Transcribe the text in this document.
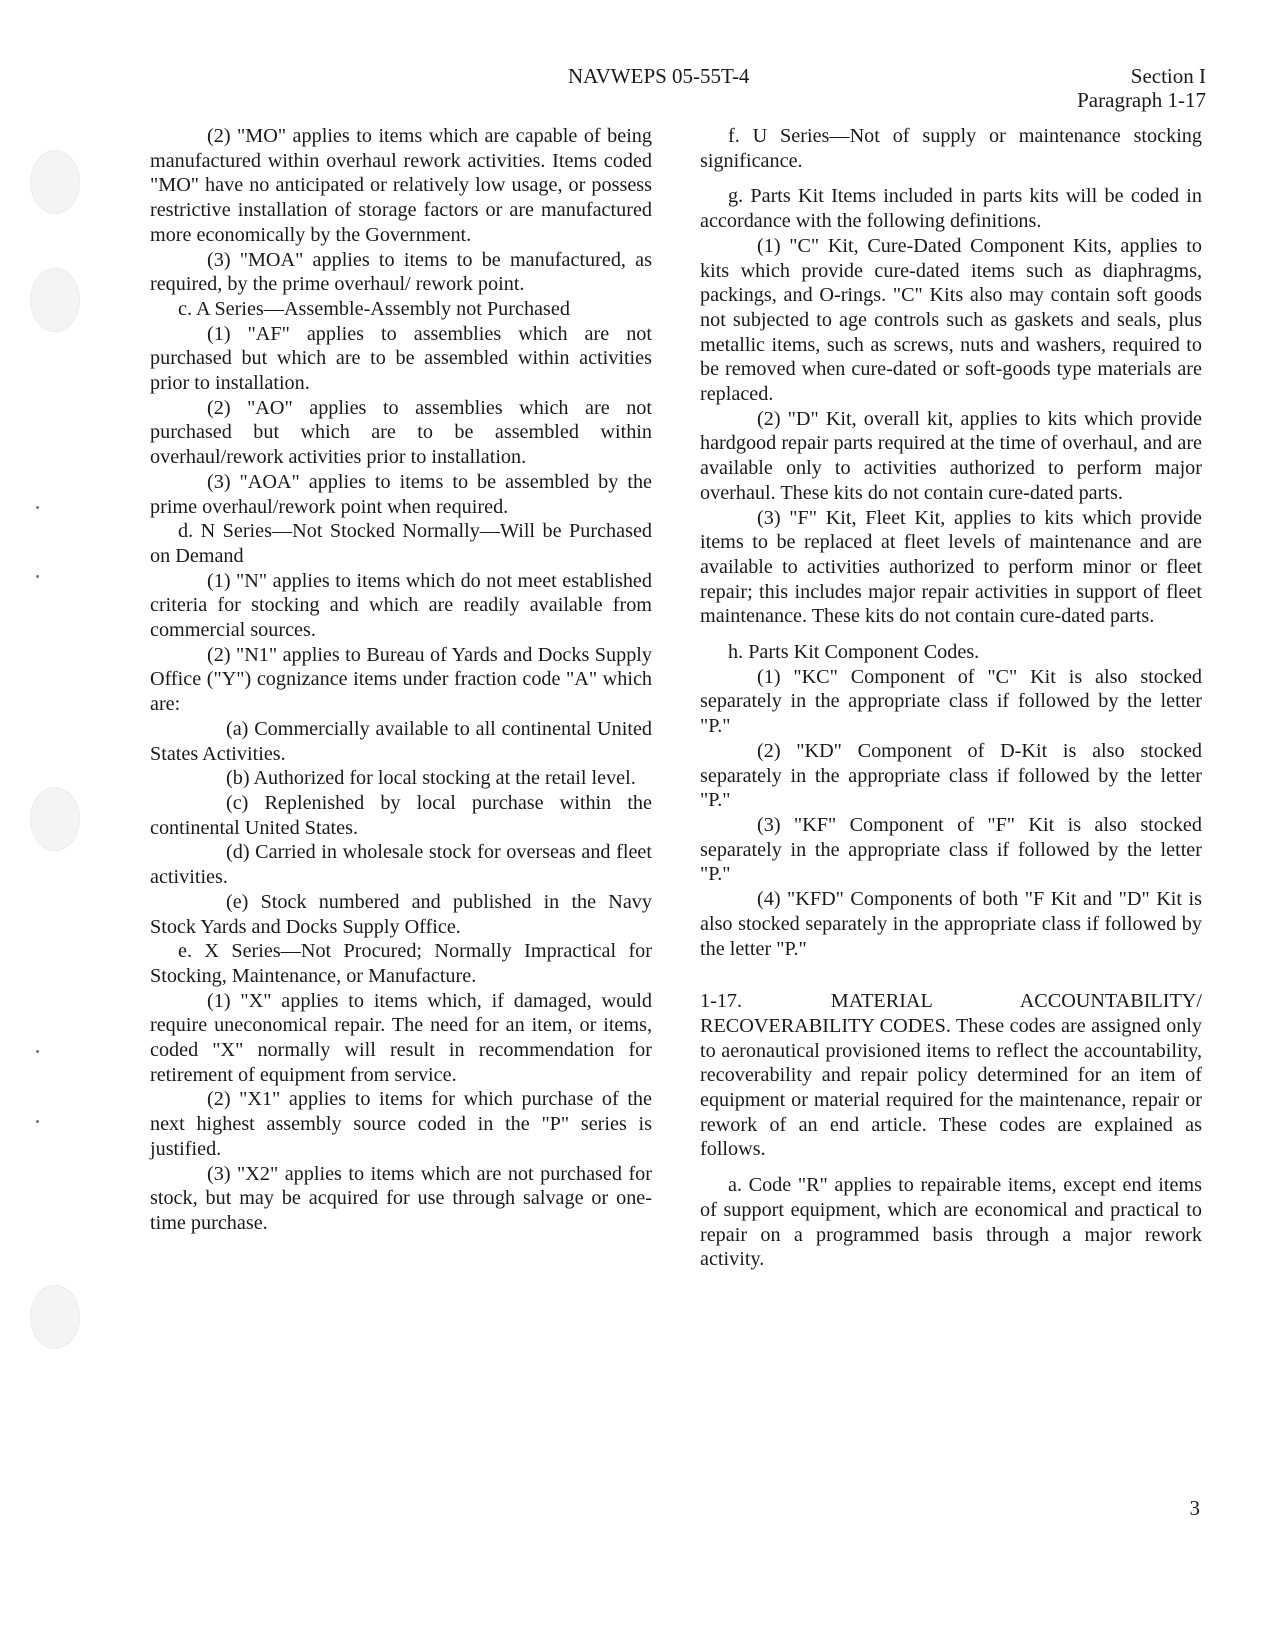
NAVWEPS 05-55T-4	Section I
Paragraph 1-17

(2) "MO" applies to items which are capable of being manufactured within overhaul rework activities. Items coded "MO" have no anticipated or relatively low usage, or possess restrictive installation of storage factors or are manufactured more economically by the Government.

(3) "MOA" applies to items to be manufactured, as required, by the prime overhaul/ rework point.

c. A Series—Assemble-Assembly not Purchased

(1) "AF" applies to assemblies which are not purchased but which are to be assembled within activities prior to installation.

(2) "AO" applies to assemblies which are not purchased but which are to be assembled within overhaul/rework activities prior to installation.

(3) "AOA" applies to items to be assembled by the prime overhaul/rework point when required.

d. N Series—Not Stocked Normally—Will be Purchased on Demand

(1) "N" applies to items which do not meet established criteria for stocking and which are readily available from commercial sources.

(2) "N1" applies to Bureau of Yards and Docks Supply Office ("Y") cognizance items under fraction code "A" which are:

(a) Commercially available to all continental United States Activities.

(b) Authorized for local stocking at the retail level.

(c) Replenished by local purchase within the continental United States.

(d) Carried in wholesale stock for overseas and fleet activities.

(e) Stock numbered and published in the Navy Stock Yards and Docks Supply Office.

e. X Series—Not Procured; Normally Impractical for Stocking, Maintenance, or Manufacture.

(1) "X" applies to items which, if damaged, would require uneconomical repair. The need for an item, or items, coded "X" normally will result in recommendation for retirement of equipment from service.

(2) "X1" applies to items for which purchase of the next highest assembly source coded in the "P" series is justified.

(3) "X2" applies to items which are not purchased for stock, but may be acquired for use through salvage or one-time purchase.

f. U Series—Not of supply or maintenance stocking significance.

g. Parts Kit Items included in parts kits will be coded in accordance with the following definitions.

(1) "C" Kit, Cure-Dated Component Kits, applies to kits which provide cure-dated items such as diaphragms, packings, and O-rings. "C" Kits also may contain soft goods not subjected to age controls such as gaskets and seals, plus metallic items, such as screws, nuts and washers, required to be removed when cure-dated or soft-goods type materials are replaced.

(2) "D" Kit, overall kit, applies to kits which provide hardgood repair parts required at the time of overhaul, and are available only to activities authorized to perform major overhaul. These kits do not contain cure-dated parts.

(3) "F" Kit, Fleet Kit, applies to kits which provide items to be replaced at fleet levels of maintenance and are available to activities authorized to perform minor or fleet repair; this includes major repair activities in support of fleet maintenance. These kits do not contain cure-dated parts.

h. Parts Kit Component Codes.

(1) "KC" Component of "C" Kit is also stocked separately in the appropriate class if followed by the letter "P."

(2) "KD" Component of D-Kit is also stocked separately in the appropriate class if followed by the letter "P."

(3) "KF" Component of "F" Kit is also stocked separately in the appropriate class if followed by the letter "P."

(4) "KFD" Components of both "F Kit and "D" Kit is also stocked separately in the appropriate class if followed by the letter "P."

1-17. MATERIAL ACCOUNTABILITY/ RECOVERABILITY CODES. These codes are assigned only to aeronautical provisioned items to reflect the accountability, recoverability and repair policy determined for an item of equipment or material required for the maintenance, repair or rework of an end article. These codes are explained as follows.

a. Code "R" applies to repairable items, except end items of support equipment, which are economical and practical to repair on a programmed basis through a major rework activity.

3
